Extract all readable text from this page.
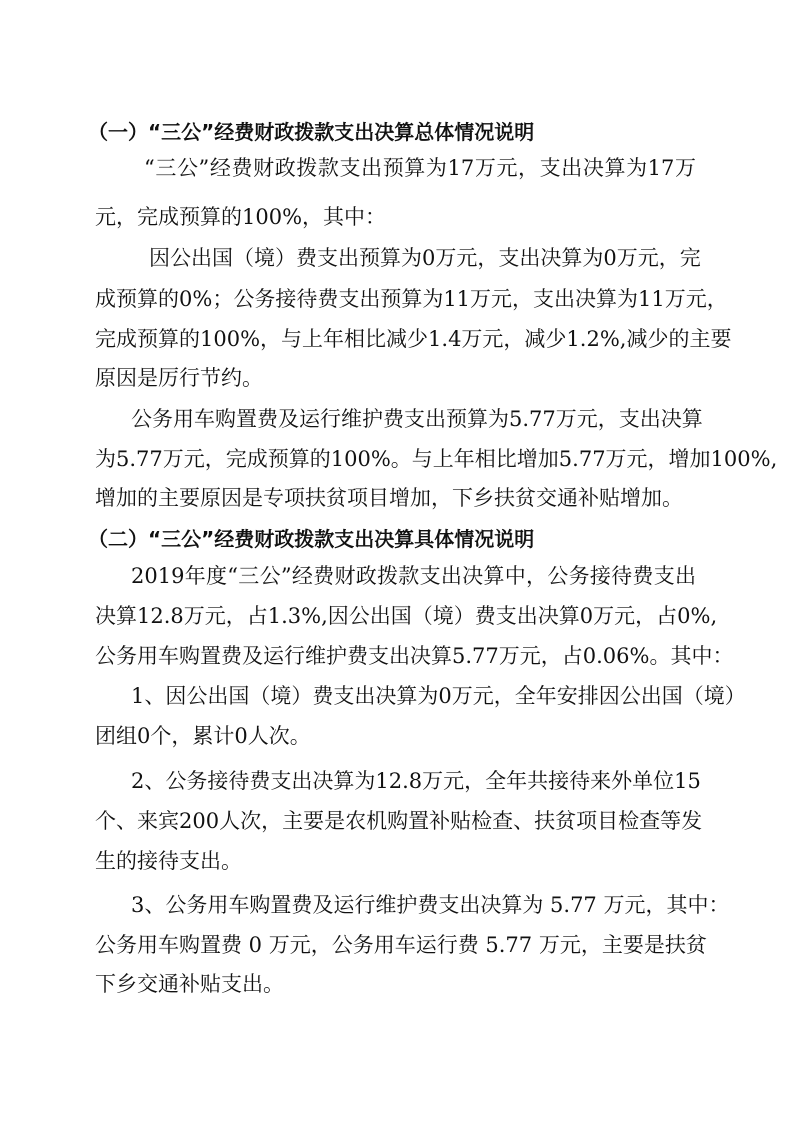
（一）“三公”经费财政拨款支出决算总体情况说明
“三公”经费财政拨款支出预算为17万元，支出决算为17万
元，完成预算的100%，其中：
因公出国（境）费支出预算为0万元，支出决算为0万元，完
成预算的0%；公务接待费支出预算为11万元，支出决算为11万元，
完成预算的100%，与上年相比减少1.4万元，减少1.2%,减少的主要
原因是厉行节约。
公务用车购置费及运行维护费支出预算为5.77万元，支出决算
为5.77万元，完成预算的100%。与上年相比增加5.77万元，增加100%,
增加的主要原因是专项扶贫项目增加，下乡扶贫交通补贴增加。
（二）“三公”经费财政拨款支出决算具体情况说明
2019年度“三公”经费财政拨款支出决算中，公务接待费支出
决算12.8万元，占1.3%,因公出国（境）费支出决算0万元，占0%,
公务用车购置费及运行维护费支出决算5.77万元，占0.06%。其中：
1、因公出国（境）费支出决算为0万元，全年安排因公出国（境）
团组0个，累计0人次。
2、公务接待费支出决算为12.8万元，全年共接待来外单位15
个、来宾200人次，主要是农机购置补贴检查、扶贫项目检查等发
生的接待支出。
3、公务用车购置费及运行维护费支出决算为 5.77 万元，其中：
公务用车购置费 0 万元，公务用车运行费 5.77 万元，主要是扶贫
下乡交通补贴支出。
